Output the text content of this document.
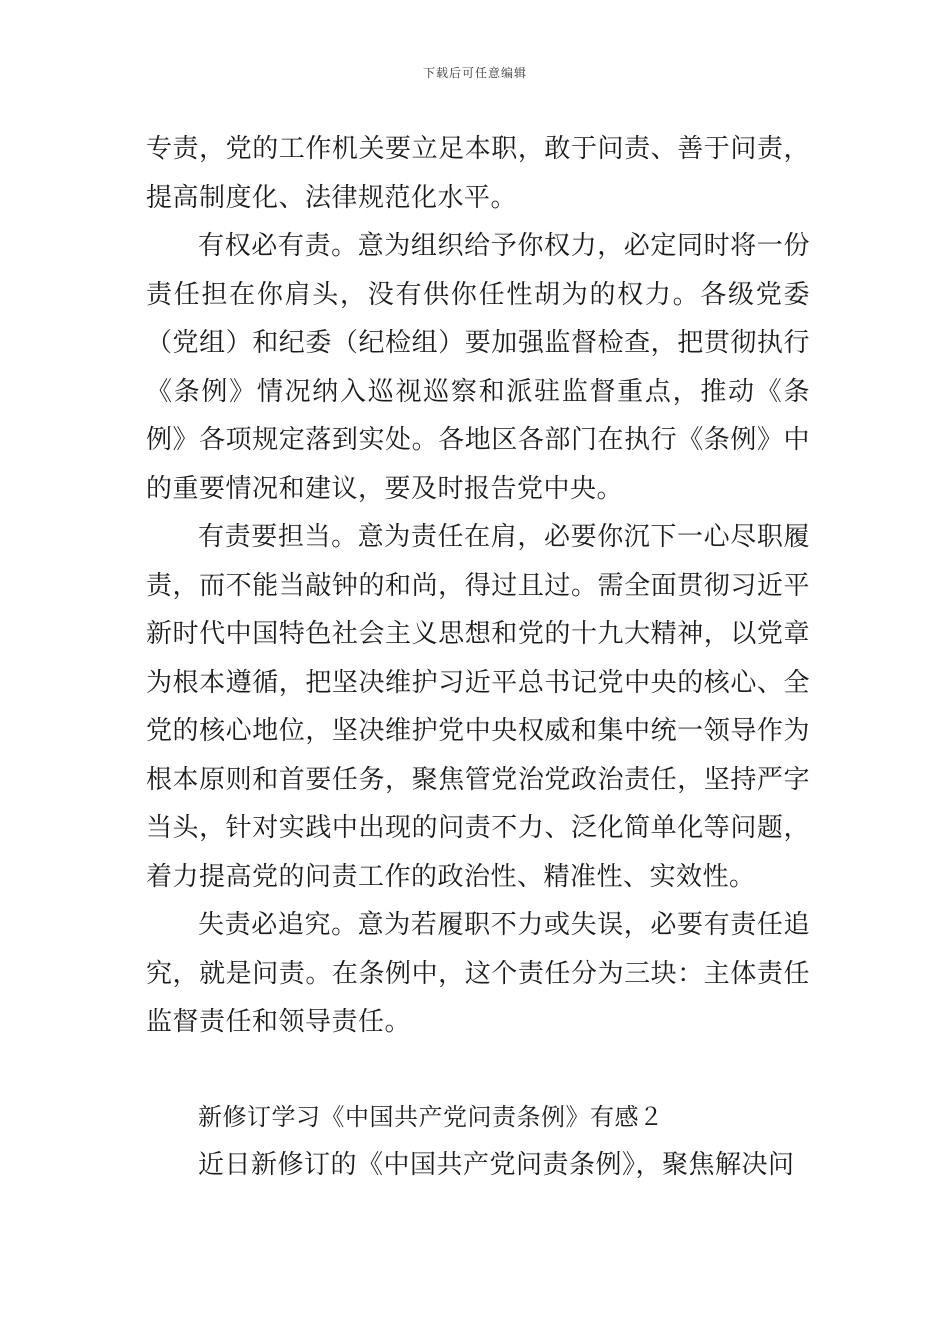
下载后可任意编辑

专责，党的工作机关要立足本职，敢于问责、善于问责，提高制度化、法律规范化水平。

有权必有责。意为组织给予你权力，必定同时将一份责任担在你肩头，没有供你任性胡为的权力。各级党委（党组）和纪委（纪检组）要加强监督检查，把贯彻执行《条例》情况纳入巡视巡察和派驻监督重点，推动《条例》各项规定落到实处。各地区各部门在执行《条例》中的重要情况和建议，要及时报告党中央。

有责要担当。意为责任在肩，必要你沉下一心尽职履责，而不能当敲钟的和尚，得过且过。需全面贯彻习近平新时代中国特色社会主义思想和党的十九大精神，以党章为根本遵循，把坚决维护习近平总书记党中央的核心、全党的核心地位，坚决维护党中央权威和集中统一领导作为根本原则和首要任务，聚焦管党治党政治责任，坚持严字当头，针对实践中出现的问责不力、泛化简单化等问题，着力提高党的问责工作的政治性、精准性、实效性。

失责必追究。意为若履职不力或失误，必要有责任追究，就是问责。在条例中，这个责任分为三块：主体责任监督责任和领导责任。

新修订学习《中国共产党问责条例》有感２

近日新修订的《中国共产党问责条例》，聚焦解决问
